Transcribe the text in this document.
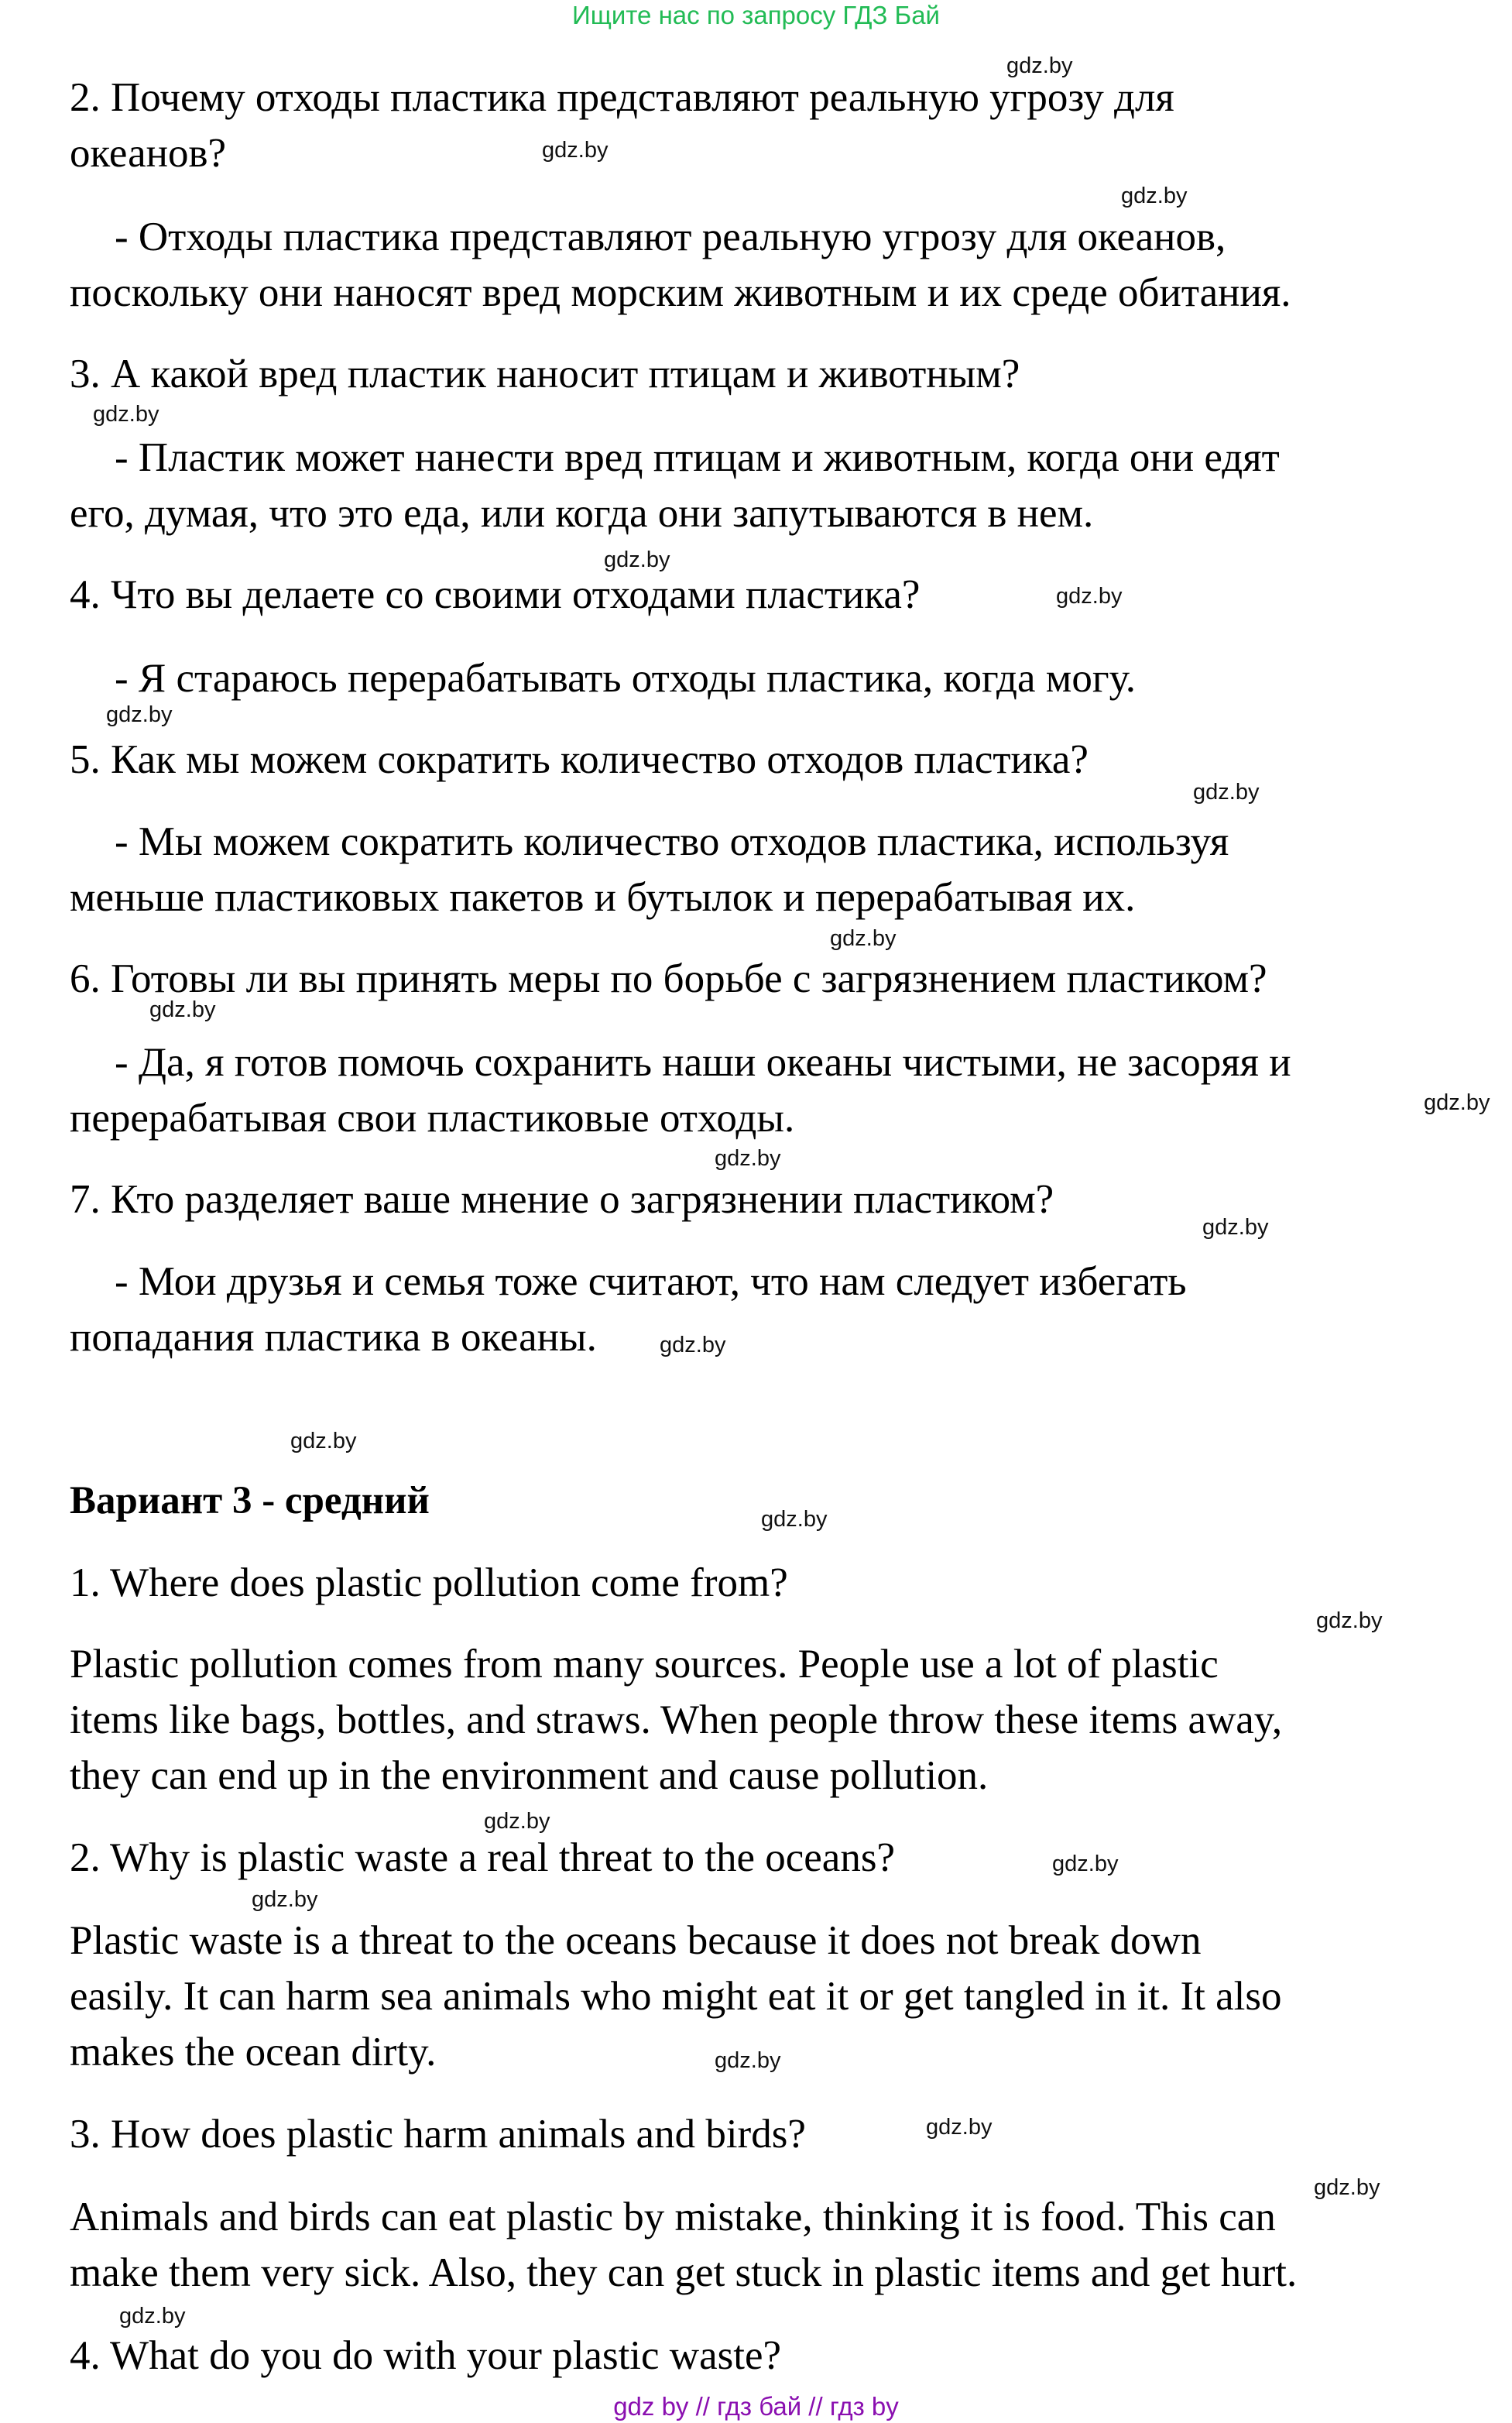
Ищите нас по запросу ГДЗ Бай

2. Почему отходы пластика представляют реальную угрозу для

океанов?

- Отходы пластика представляют реальную угрозу для океанов,

поскольку они наносят вред морским животным и их среде обитания.

3. А какой вред пластик наносит птицам и животным?

- Пластик может нанести вред птицам и животным, когда они едят

его, думая, что это еда, или когда они запутываются в нем.

4. Что вы делаете со своими отходами пластика?

- Я стараюсь перерабатывать отходы пластика, когда могу.

5. Как мы можем сократить количество отходов пластика?

- Мы можем сократить количество отходов пластика, используя

меньше пластиковых пакетов и бутылок и перерабатывая их.

6. Готовы ли вы принять меры по борьбе с загрязнением пластиком?

- Да, я готов помочь сохранить наши океаны чистыми, не засоряя и

перерабатывая свои пластиковые отходы.

7. Кто разделяет ваше мнение о загрязнении пластиком?

- Мои друзья и семья тоже считают, что нам следует избегать

попадания пластика в океаны.

Вариант 3 - средний

1. Where does plastic pollution come from?

Plastic pollution comes from many sources. People use a lot of plastic

items like bags, bottles, and straws. When people throw these items away,

they can end up in the environment and cause pollution.

2. Why is plastic waste a real threat to the oceans?

Plastic waste is a threat to the oceans because it does not break down

easily. It can harm sea animals who might eat it or get tangled in it. It also

makes the ocean dirty.

3. How does plastic harm animals and birds?

Animals and birds can eat plastic by mistake, thinking it is food. This can

make them very sick. Also, they can get stuck in plastic items and get hurt.

4. What do you do with your plastic waste?

gdz.by
gdz.by
gdz.by
gdz.by
gdz.by
gdz.by
gdz.by
gdz.by
gdz.by
gdz.by
gdz.by
gdz.by
gdz.by
gdz.by
gdz.by
gdz.by
gdz.by
gdz.by
gdz.by
gdz.by
gdz.by
gdz.by
gdz.by
gdz.by
gdz by // гдз бай // гдз by
